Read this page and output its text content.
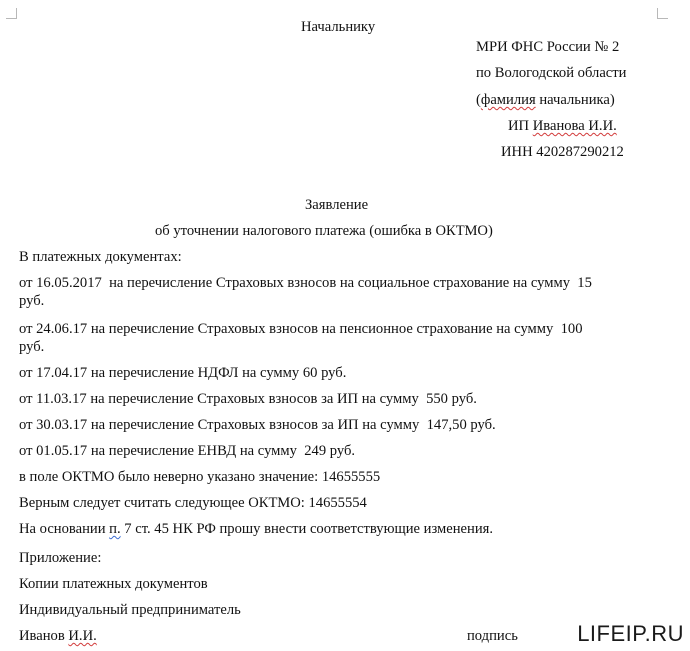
Начальнику
МРИ ФНС России № 2
по Вологодской области
(фамилия начальника)
ИП Иванова И.И.
ИНН 420287290212
Заявление
об уточнении налогового платежа (ошибка в ОКТМО)
В платежных документах:
от 16.05.2017  на перечисление Страховых взносов на социальное страхование на сумму  15
руб.
от 24.06.17 на перечисление Страховых взносов на пенсионное страхование на сумму  100
руб.
от 17.04.17 на перечисление НДФЛ на сумму 60 руб.
от 11.03.17 на перечисление Страховых взносов за ИП на сумму  550 руб.
от 30.03.17 на перечисление Страховых взносов за ИП на сумму  147,50 руб.
от 01.05.17 на перечисление ЕНВД на сумму  249 руб.
в поле ОКТМО было неверно указано значение: 14655555
Верным следует считать следующее ОКТМО: 14655554
На основании п. 7 ст. 45 НК РФ прошу внести соответствующие изменения.
Приложение:
Копии платежных документов
Индивидуальный предприниматель
Иванов И.И.	подпись	LIFEIP.RU
